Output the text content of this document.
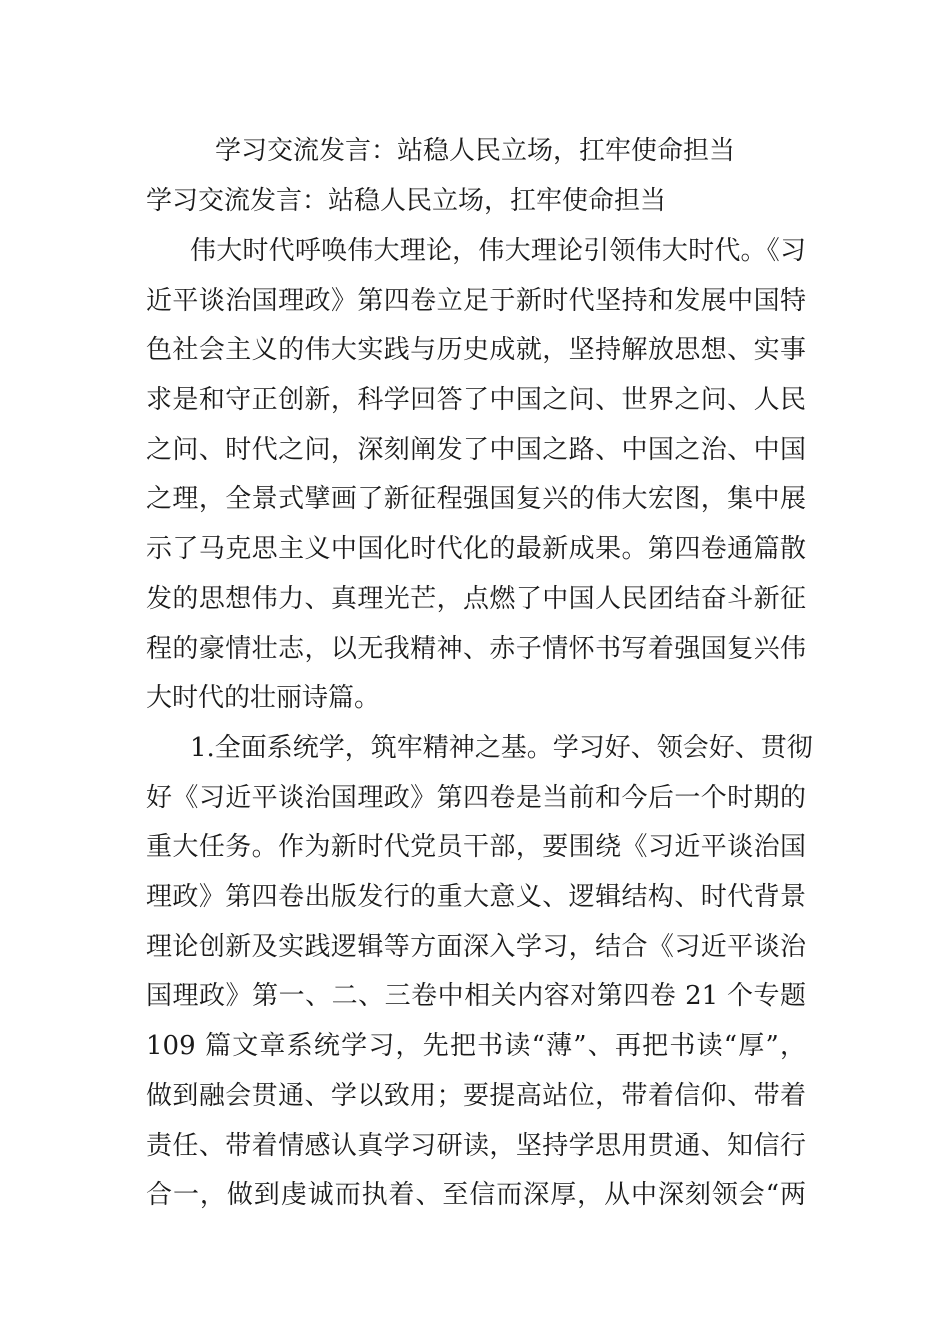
学习交流发言：站稳人民立场，扛牢使命担当
学习交流发言：站稳人民立场，扛牢使命担当
伟大时代呼唤伟大理论，伟大理论引领伟大时代。《习
近平谈治国理政》第四卷立足于新时代坚持和发展中国特
色社会主义的伟大实践与历史成就，坚持解放思想、实事
求是和守正创新，科学回答了中国之问、世界之问、人民
之问、时代之问，深刻阐发了中国之路、中国之治、中国
之理，全景式擘画了新征程强国复兴的伟大宏图，集中展
示了马克思主义中国化时代化的最新成果。第四卷通篇散
发的思想伟力、真理光芒，点燃了中国人民团结奋斗新征
程的豪情壮志，以无我精神、赤子情怀书写着强国复兴伟
大时代的壮丽诗篇。
1.全面系统学，筑牢精神之基。学习好、领会好、贯彻
好《习近平谈治国理政》第四卷是当前和今后一个时期的
重大任务。作为新时代党员干部，要围绕《习近平谈治国
理政》第四卷出版发行的重大意义、逻辑结构、时代背景
理论创新及实践逻辑等方面深入学习，结合《习近平谈治
国理政》第一、二、三卷中相关内容对第四卷 21 个专题
109 篇文章系统学习，先把书读“薄”、再把书读“厚”，
做到融会贯通、学以致用；要提高站位，带着信仰、带着
责任、带着情感认真学习研读，坚持学思用贯通、知信行
合一，做到虔诚而执着、至信而深厚，从中深刻领会“两
